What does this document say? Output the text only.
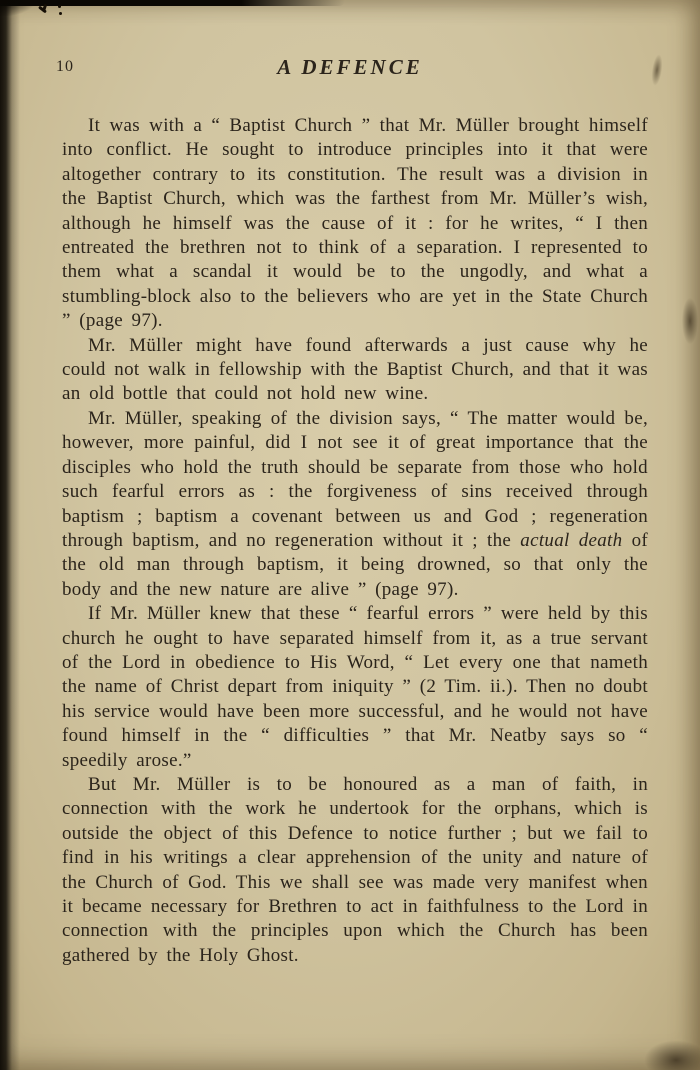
10	A DEFENCE

It was with a “ Baptist Church ” that Mr. Müller brought himself into conflict. He sought to introduce principles into it that were altogether contrary to its constitution. The result was a division in the Baptist Church, which was the farthest from Mr. Müller’s wish, although he himself was the cause of it : for he writes, “ I then entreated the brethren not to think of a separation. I represented to them what a scandal it would be to the ungodly, and what a stumbling-block also to the believers who are yet in the State Church ” (page 97).

Mr. Müller might have found afterwards a just cause why he could not walk in fellowship with the Baptist Church, and that it was an old bottle that could not hold new wine.

Mr. Müller, speaking of the division says, “ The matter would be, however, more painful, did I not see it of great importance that the disciples who hold the truth should be separate from those who hold such fearful errors as : the forgiveness of sins received through baptism ; baptism a covenant between us and God ; regeneration through baptism, and no regeneration without it ; the actual death of the old man through baptism, it being drowned, so that only the body and the new nature are alive ” (page 97).

If Mr. Müller knew that these “ fearful errors ” were held by this church he ought to have separated himself from it, as a true servant of the Lord in obedience to His Word, “ Let every one that nameth the name of Christ depart from iniquity ” (2 Tim. ii.). Then no doubt his service would have been more successful, and he would not have found himself in the “ difficulties ” that Mr. Neatby says so “ speedily arose.”

But Mr. Müller is to be honoured as a man of faith, in connection with the work he undertook for the orphans, which is outside the object of this Defence to notice further ; but we fail to find in his writings a clear apprehension of the unity and nature of the Church of God. This we shall see was made very manifest when it became necessary for Brethren to act in faithfulness to the Lord in connection with the principles upon which the Church has been gathered by the Holy Ghost.
